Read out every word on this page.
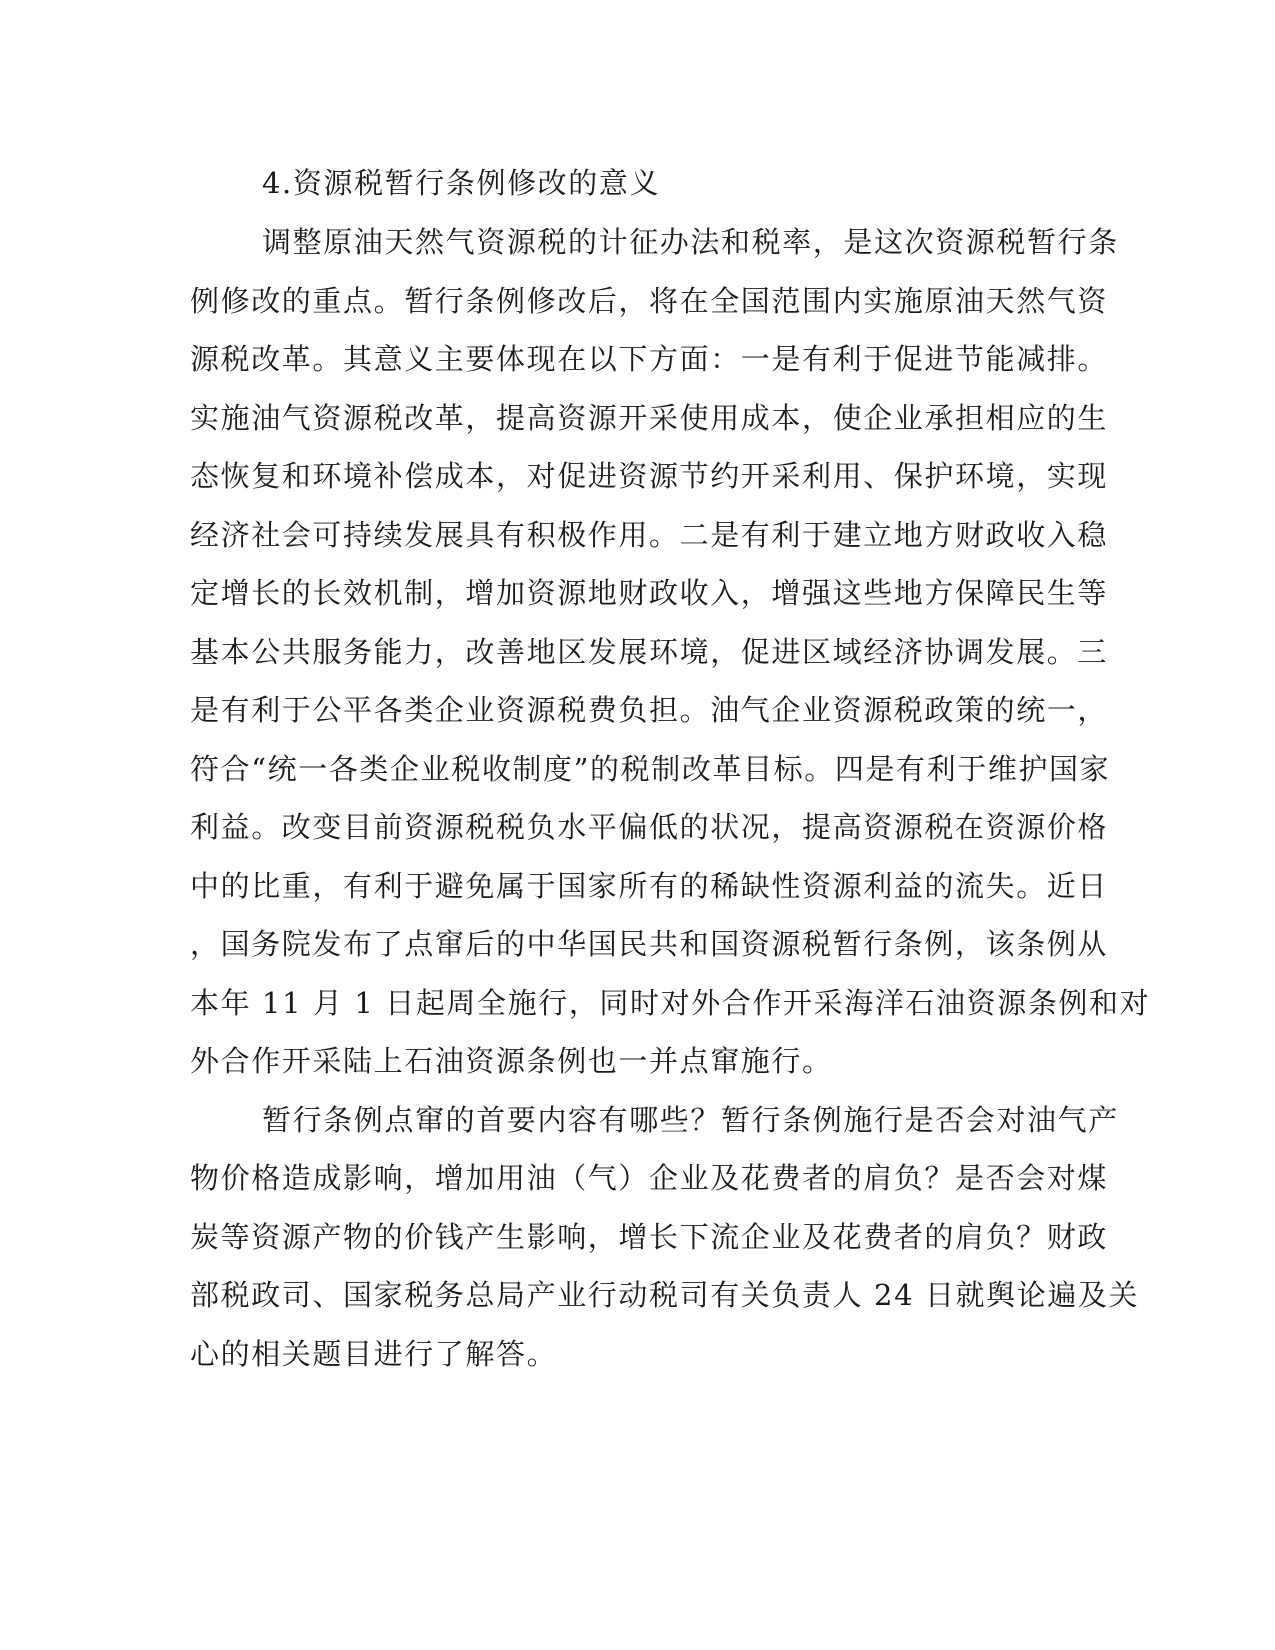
4.资源税暂行条例修改的意义
调整原油天然气资源税的计征办法和税率，是这次资源税暂行条
例修改的重点。暂行条例修改后，将在全国范围内实施原油天然气资
源税改革。其意义主要体现在以下方面：一是有利于促进节能减排。
实施油气资源税改革，提高资源开采使用成本，使企业承担相应的生
态恢复和环境补偿成本，对促进资源节约开采利用、保护环境，实现
经济社会可持续发展具有积极作用。二是有利于建立地方财政收入稳
定增长的长效机制，增加资源地财政收入，增强这些地方保障民生等
基本公共服务能力，改善地区发展环境，促进区域经济协调发展。三
是有利于公平各类企业资源税费负担。油气企业资源税政策的统一，
符合“统一各类企业税收制度”的税制改革目标。四是有利于维护国家
利益。改变目前资源税税负水平偏低的状况，提高资源税在资源价格
中的比重，有利于避免属于国家所有的稀缺性资源利益的流失。近日
，国务院发布了点窜后的中华国民共和国资源税暂行条例，该条例从
本年 11 月 1 日起周全施行，同时对外合作开采海洋石油资源条例和对
外合作开采陆上石油资源条例也一并点窜施行。
暂行条例点窜的首要内容有哪些？暂行条例施行是否会对油气产
物价格造成影响，增加用油（气）企业及花费者的肩负？是否会对煤
炭等资源产物的价钱产生影响，增长下流企业及花费者的肩负？财政
部税政司、国家税务总局产业行动税司有关负责人 24 日就舆论遍及关
心的相关题目进行了解答。
